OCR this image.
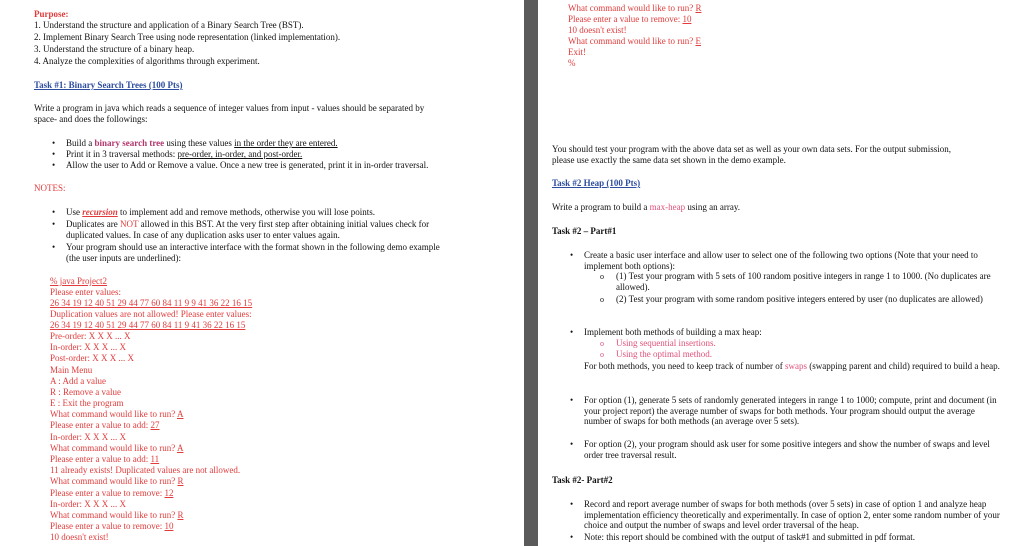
Purpose:
1. Understand the structure and application of a Binary Search Tree (BST).
2. Implement Binary Search Tree using node representation (linked implementation).
3. Understand the structure of a binary heap.
4. Analyze the complexities of algorithms through experiment.
Task #1: Binary Search Trees (100 Pts)
Write a program in java which reads a sequence of integer values from input - values should be separated by
space- and does the followings:
• Build a binary search tree using these values in the order they are entered.
• Print it in 3 traversal methods: pre-order, in-order, and post-order.
• Allow the user to Add or Remove a value. Once a new tree is generated, print it in in-order traversal.
NOTES:
• Use recursion to implement add and remove methods, otherwise you will lose points.
• Duplicates are NOT allowed in this BST. At the very first step after obtaining initial values check for
duplicated values. In case of any duplication asks user to enter values again.
• Your program should use an interactive interface with the format shown in the following demo example
(the user inputs are underlined):
% java Project2
Please enter values:
26 34 19 12 40 51 29 44 77 60 84 11 9 9 41 36 22 16 15
Duplication values are not allowed! Please enter values:
26 34 19 12 40 51 29 44 77 60 84 11 9 41 36 22 16 15
Pre-order: X X X ... X
In-order: X X X ... X
Post-order: X X X ... X
Main Menu
A : Add a value
R : Remove a value
E : Exit the program
What command would like to run? A
Please enter a value to add: 27
In-order: X X X ... X
What command would like to run? A
Please enter a value to add: 11
11 already exists! Duplicated values are not allowed.
What command would like to run? R
Please enter a value to remove: 12
In-order: X X X ... X
What command would like to run? R
Please enter a value to remove: 10
10 doesn't exist!
What command would like to run? R
Please enter a value to remove: 10
10 doesn't exist!
What command would like to run? E
Exit!
%
You should test your program with the above data set as well as your own data sets. For the output submission,
please use exactly the same data set shown in the demo example.
Task #2 Heap (100 Pts)
Write a program to build a max-heap using an array.
Task #2 – Part#1
• Create a basic user interface and allow user to select one of the following two options (Note that your need to implement both options):
o (1) Test your program with 5 sets of 100 random positive integers in range 1 to 1000. (No duplicates are allowed).
o (2) Test your program with some random positive integers entered by user (no duplicates are allowed)
• Implement both methods of building a max heap:
o Using sequential insertions.
o Using the optimal method.
For both methods, you need to keep track of number of swaps (swapping parent and child) required to build a heap.
• For option (1), generate 5 sets of randomly generated integers in range 1 to 1000; compute, print and document (in your project report) the average number of swaps for both methods. Your program should output the average number of swaps for both methods (an average over 5 sets).
• For option (2), your program should ask user for some positive integers and show the number of swaps and level order tree traversal result.
Task #2- Part#2
• Record and report average number of swaps for both methods (over 5 sets) in case of option 1 and analyze heap implementation efficiency theoretically and experimentally. In case of option 2, enter some random number of your choice and output the number of swaps and level order traversal of the heap.
• Note: this report should be combined with the output of task#1 and submitted in pdf format.
